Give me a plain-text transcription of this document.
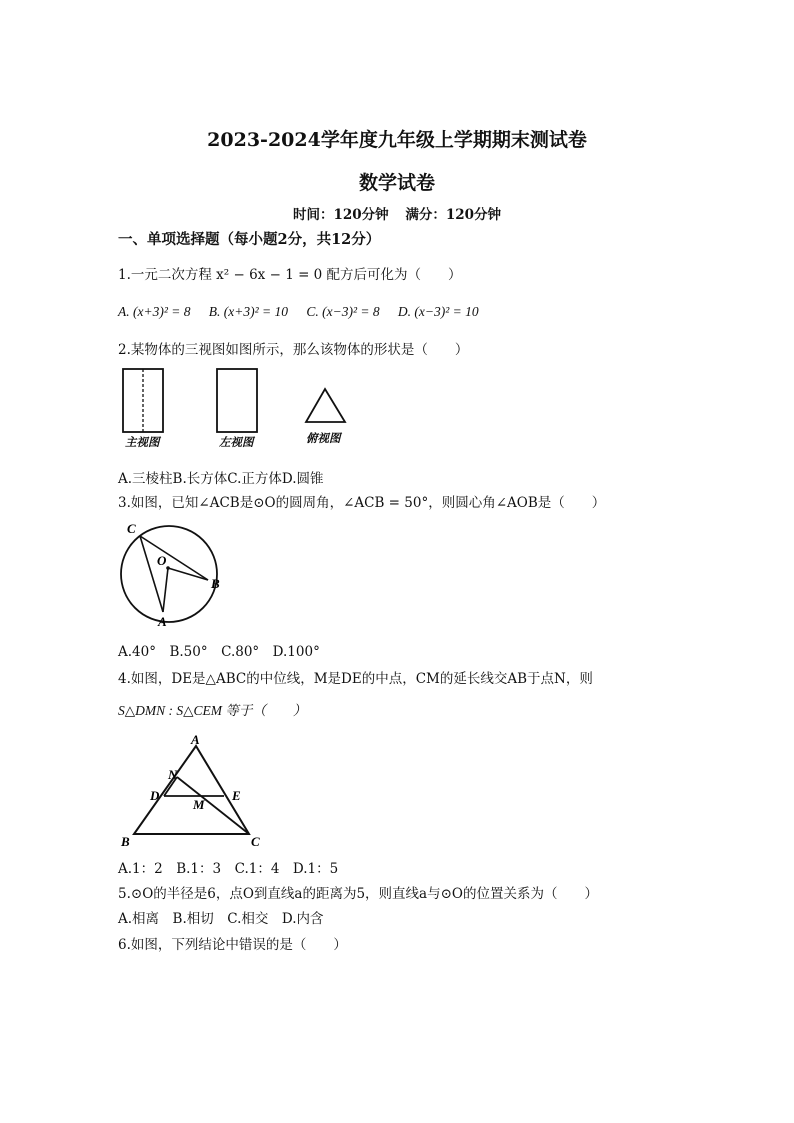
2023-2024学年度九年级上学期期末测试卷
数学试卷
时间：120分钟 满分：120分钟
一、单项选择题（每小题2分，共12分）
1.一元二次方程 x² − 6x − 1 = 0 配方后可化为（　　）
A. (x+3)² = 8 B. (x+3)² = 10 C. (x−3)² = 8 D. (x−3)² = 10
2.某物体的三视图如图所示，那么该物体的形状是（　　）
主视图	左视图	俯视图
A.三棱柱B.长方体C.正方体D.圆锥
3.如图，已知∠ACB是⊙O的圆周角，∠ACB = 50°，则圆心角∠AOB是（　　）
C
O
B
A
A.40°　B.50°　C.80°　D.100°
4.如图，DE是△ABC的中位线，M是DE的中点，CM的延长线交AB于点N，则
S△DMN : S△CEM 等于（　　）
A
N
D
M
E
B	C
A.1：2　B.1：3　C.1：4　D.1：5
5.⊙O的半径是6，点O到直线a的距离为5，则直线a与⊙O的位置关系为（　　）
A.相离　B.相切　C.相交　D.内含
6.如图，下列结论中错误的是（　　）
